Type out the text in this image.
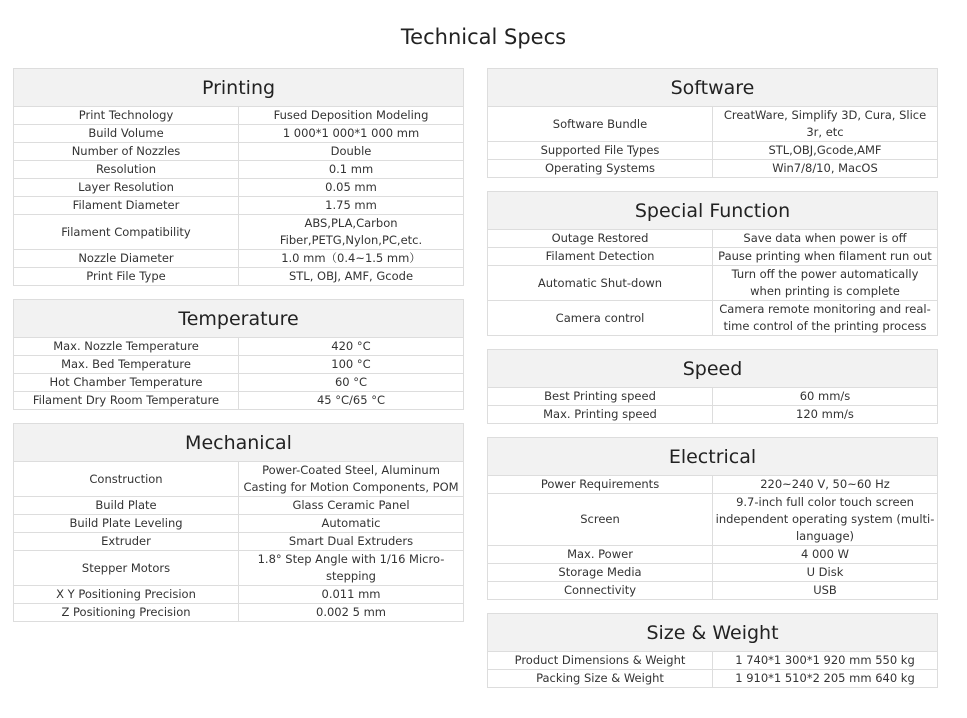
Technical Specs
Printing	
Print Technology	Fused Deposition Modeling
Build Volume	1 000*1 000*1 000 mm
Number of Nozzles	Double
Resolution	0.1 mm
Layer Resolution	0.05 mm
Filament Diameter	1.75 mm
Filament Compatibility	ABS,PLA,Carbon Fiber,PETG,Nylon,PC,etc.
Nozzle Diameter	1.0 mm（0.4~1.5 mm）
Print File Type	STL, OBJ, AMF, Gcode
Temperature	
Max. Nozzle Temperature	420 °C
Max. Bed Temperature	100 °C
Hot Chamber Temperature	60 °C
Filament Dry Room Temperature	45 °C/65 °C
Mechanical	
Construction	Power-Coated Steel, Aluminum Casting for Motion Components, POM
Build Plate	Glass Ceramic Panel
Build Plate Leveling	Automatic
Extruder	Smart Dual Extruders
Stepper Motors	1.8° Step Angle with 1/16 Micro-stepping
X Y Positioning Precision	0.011 mm
Z Positioning Precision	0.002 5 mm
Software	
Software Bundle	CreatWare, Simplify 3D, Cura, Slice 3r, etc
Supported File Types	STL,OBJ,Gcode,AMF
Operating Systems	Win7/8/10, MacOS
Special Function	
Outage Restored	Save data when power is off
Filament Detection	Pause printing when filament run out
Automatic Shut-down	Turn off the power automatically when printing is complete
Camera control	Camera remote monitoring and real-time control of the printing process
Speed	
Best Printing speed	60 mm/s
Max. Printing speed	120 mm/s
Electrical	
Power Requirements	220~240 V, 50~60 Hz
Screen	9.7-inch full color touch screen independent operating system (multi-language)
Max. Power	4 000 W
Storage Media	U Disk
Connectivity	USB
Size & Weight	
Product Dimensions & Weight	1 740*1 300*1 920 mm 550 kg
Packing Size & Weight	1 910*1 510*2 205 mm 640 kg
